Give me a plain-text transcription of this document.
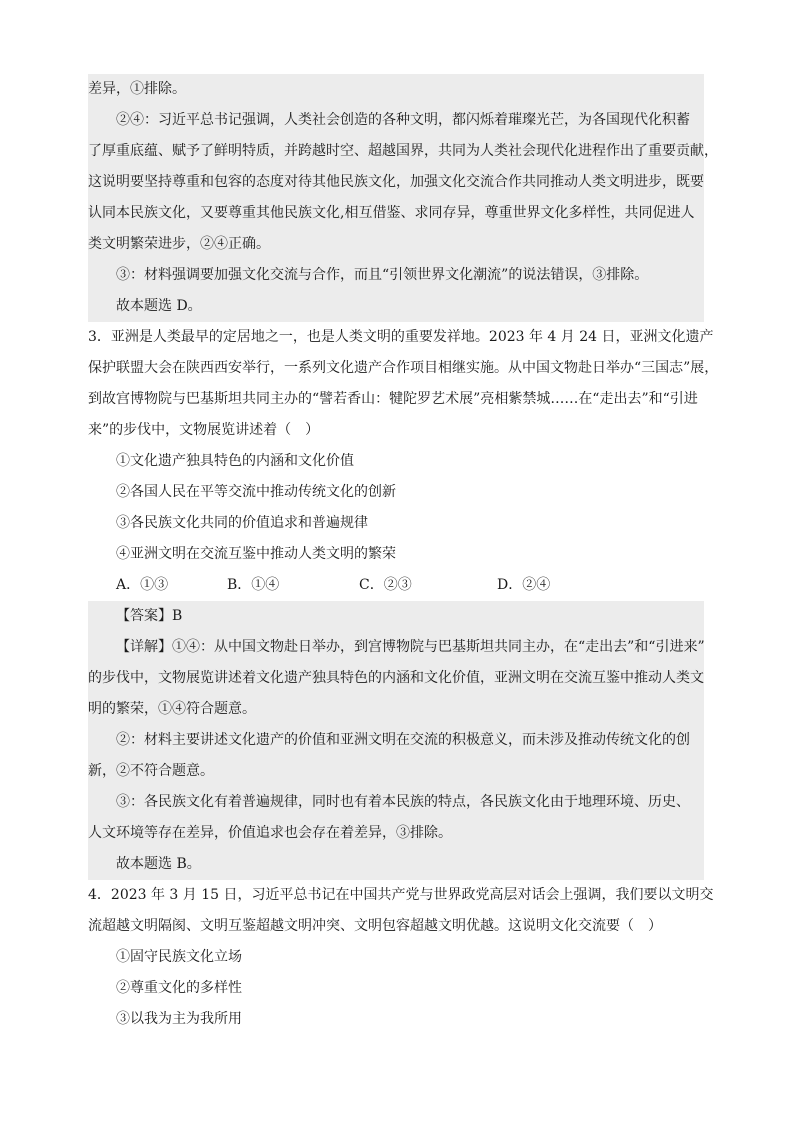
差异，①排除。
②④：习近平总书记强调，人类社会创造的各种文明，都闪烁着璀璨光芒，为各国现代化积蓄
了厚重底蕴、赋予了鲜明特质，并跨越时空、超越国界，共同为人类社会现代化进程作出了重要贡献，
这说明要坚持尊重和包容的态度对待其他民族文化，加强文化交流合作共同推动人类文明进步，既要
认同本民族文化，又要尊重其他民族文化,相互借鉴、求同存异，尊重世界文化多样性，共同促进人
类文明繁荣进步，②④正确。
③：材料强调要加强文化交流与合作，而且“引领世界文化潮流”的说法错误，③排除。
故本题选 D。
3．亚洲是人类最早的定居地之一，也是人类文明的重要发祥地。2023 年 4 月 24 日，亚洲文化遗产
保护联盟大会在陕西西安举行，一系列文化遗产合作项目相继实施。从中国文物赴日举办“三国志”展，
到故宫博物院与巴基斯坦共同主办的“譬若香山：犍陀罗艺术展”亮相紫禁城……在“走出去”和“引进
来”的步伐中，文物展览讲述着（　）
①文化遗产独具特色的内涵和文化价值
②各国人民在平等交流中推动传统文化的创新
③各民族文化共同的价值追求和普遍规律
④亚洲文明在交流互鉴中推动人类文明的繁荣
A．①③	B．①④	C．②③	D．②④
【答案】B
【详解】①④：从中国文物赴日举办，到宫博物院与巴基斯坦共同主办，在“走出去”和“引进来”
的步伐中，文物展览讲述着文化遗产独具特色的内涵和文化价值，亚洲文明在交流互鉴中推动人类文
明的繁荣，①④符合题意。
②：材料主要讲述文化遗产的价值和亚洲文明在交流的积极意义，而未涉及推动传统文化的创
新，②不符合题意。
③：各民族文化有着普遍规律，同时也有着本民族的特点，各民族文化由于地理环境、历史、
人文环境等存在差异，价值追求也会存在着差异，③排除。
故本题选 B。
4．2023 年 3 月 15 日，习近平总书记在中国共产党与世界政党高层对话会上强调，我们要以文明交
流超越文明隔阂、文明互鉴超越文明冲突、文明包容超越文明优越。这说明文化交流要（　）
①固守民族文化立场
②尊重文化的多样性
③以我为主为我所用
